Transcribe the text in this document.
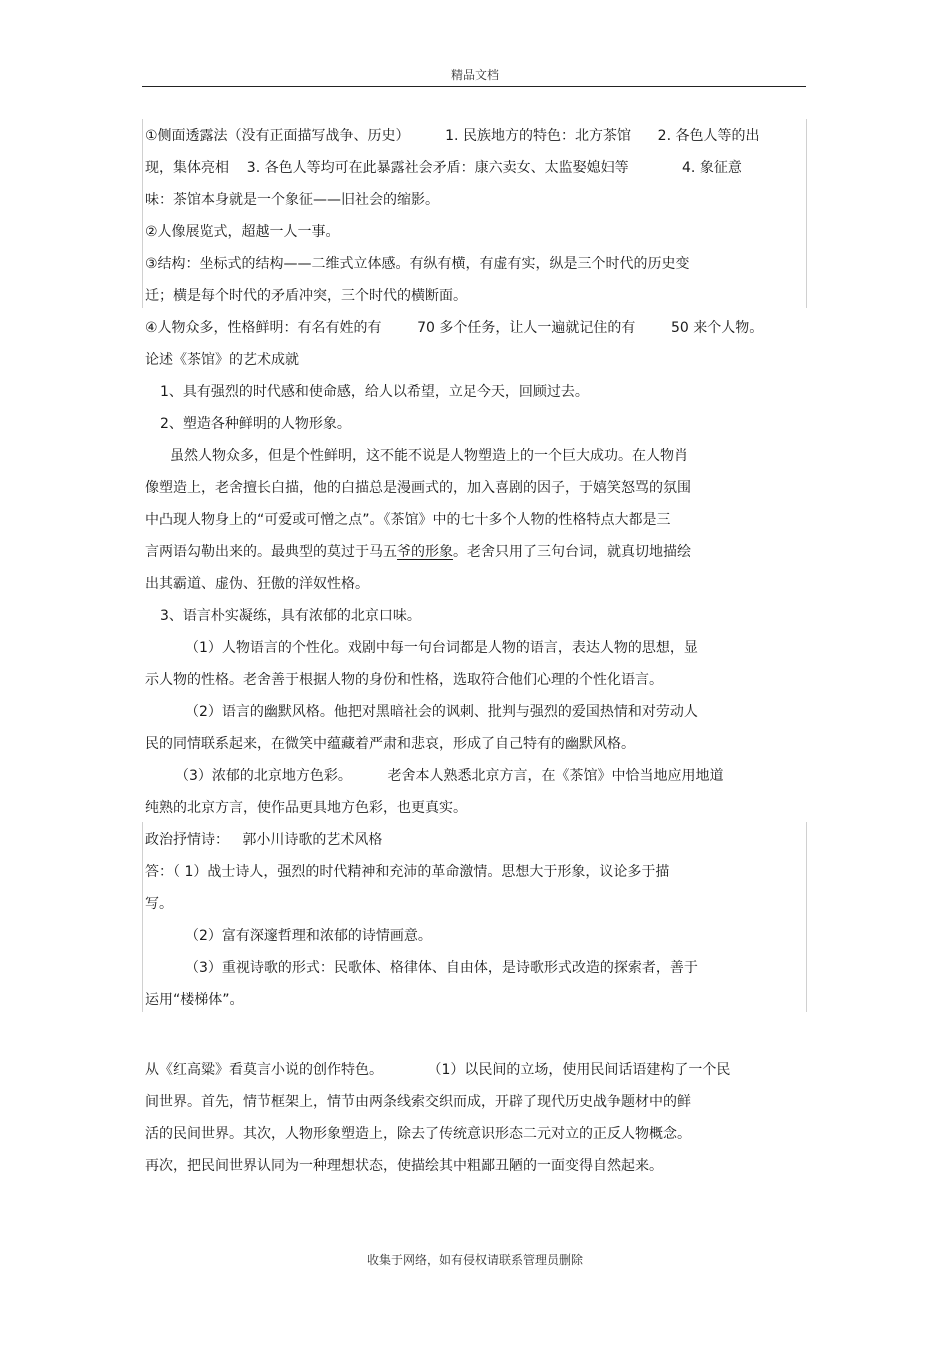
精品文档
①侧面透露法（没有正面描写战争、历史）        1. 民族地方的特色：北方茶馆      2. 各色人等的出
现，集体亮相    3. 各色人等均可在此暴露社会矛盾：康六卖女、太监娶媳妇等            4. 象征意
味：茶馆本身就是一个象征——旧社会的缩影。
②人像展览式，超越一人一事。
③结构：坐标式的结构——二维式立体感。有纵有横，有虚有实，纵是三个时代的历史变
迁；横是每个时代的矛盾冲突，三个时代的横断面。
④人物众多，性格鲜明：有名有姓的有        70 多个任务，让人一遍就记住的有        50 来个人物。
论述《茶馆》的艺术成就
1、具有强烈的时代感和使命感，给人以希望，立足今天，回顾过去。
2、塑造各种鲜明的人物形象。
虽然人物众多，但是个性鲜明，这不能不说是人物塑造上的一个巨大成功。在人物肖
像塑造上，老舍擅长白描，他的白描总是漫画式的，加入喜剧的因子，于嬉笑怒骂的氛围
中凸现人物身上的“可爱或可憎之点”。《茶馆》中的七十多个人物的性格特点大都是三
言两语勾勒出来的。最典型的莫过于马五爷的形象。老舍只用了三句台词，就真切地描绘
出其霸道、虚伪、狂傲的洋奴性格。
3、语言朴实凝练，具有浓郁的北京口味。
（1）人物语言的个性化。戏剧中每一句台词都是人物的语言，表达人物的思想，显
示人物的性格。老舍善于根据人物的身份和性格，选取符合他们心理的个性化语言。
（2）语言的幽默风格。他把对黑暗社会的讽刺、批判与强烈的爱国热情和对劳动人
民的同情联系起来，在微笑中蕴藏着严肃和悲哀，形成了自己特有的幽默风格。
（3）浓郁的北京地方色彩。        老舍本人熟悉北京方言，在《茶馆》中恰当地应用地道
纯熟的北京方言，使作品更具地方色彩，也更真实。
政治抒情诗：   郭小川诗歌的艺术风格
答：（ 1）战士诗人，强烈的时代精神和充沛的革命激情。思想大于形象，议论多于描
写。
（2）富有深邃哲理和浓郁的诗情画意。
（3）重视诗歌的形式：民歌体、格律体、自由体，是诗歌形式改造的探索者，善于
运用“楼梯体”。
从《红高粱》看莫言小说的创作特色。          （1）以民间的立场，使用民间话语建构了一个民
间世界。首先，情节框架上，情节由两条线索交织而成，开辟了现代历史战争题材中的鲜
活的民间世界。其次，人物形象塑造上，除去了传统意识形态二元对立的正反人物概念。
再次，把民间世界认同为一种理想状态，使描绘其中粗鄙丑陋的一面变得自然起来。
收集于网络，如有侵权请联系管理员删除
